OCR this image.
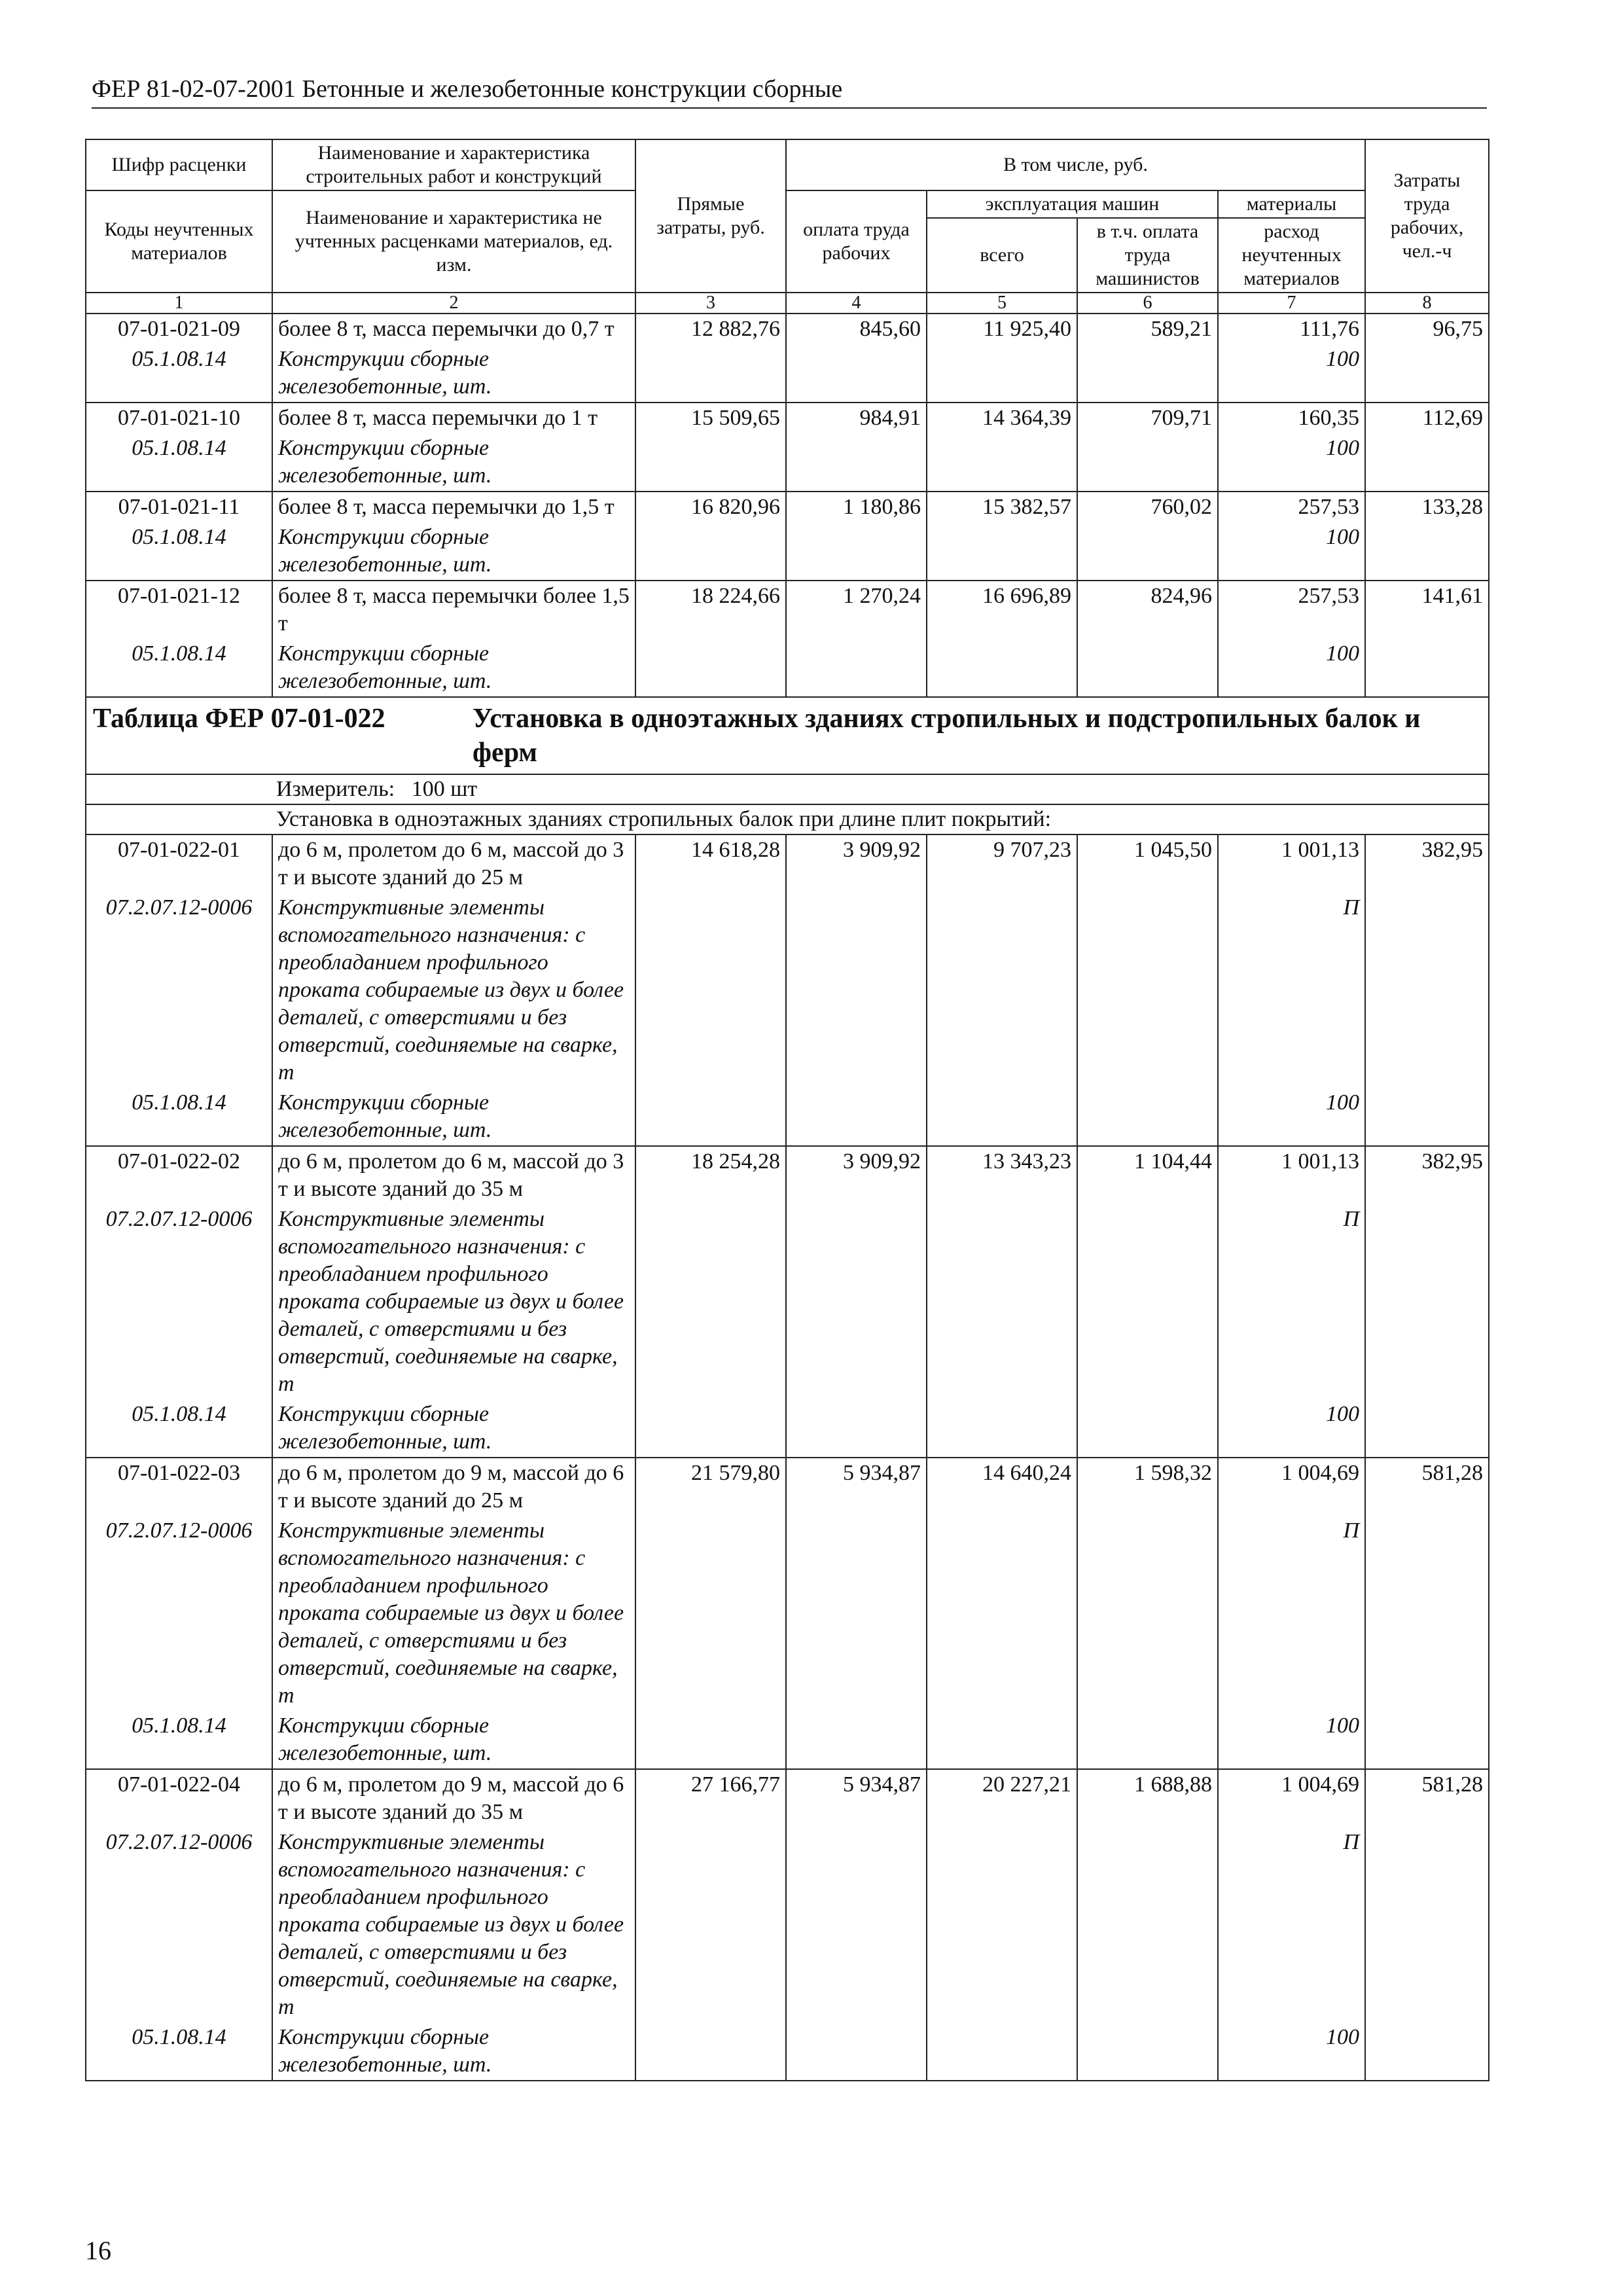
ФЕР 81-02-07-2001 Бетонные и железобетонные конструкции сборные
Шифр расценки	Наименование и характеристика строительных работ и конструкций	Прямые затраты, руб.	В том числе, руб.				Затраты труда рабочих, чел.-ч
Коды неучтенных материалов	Наименование и характеристика не учтенных расценками материалов, ед. изм.		оплата труда рабочих	эксплуатация машин		материалы	
				всего	в т.ч. оплата труда машинистов	расход неучтенных материалов	
1	2	3	4	5	6	7	8
07-01-021-09	более 8 т, масса перемычки до 0,7 т	12 882,76	845,60	11 925,40	589,21	111,76	96,75
05.1.08.14	Конструкции сборные железобетонные, шт.					100	
07-01-021-10	более 8 т, масса перемычки до 1 т	15 509,65	984,91	14 364,39	709,71	160,35	112,69
05.1.08.14	Конструкции сборные железобетонные, шт.					100	
07-01-021-11	более 8 т, масса перемычки до 1,5 т	16 820,96	1 180,86	15 382,57	760,02	257,53	133,28
05.1.08.14	Конструкции сборные железобетонные, шт.					100	
07-01-021-12	более 8 т, масса перемычки более 1,5 т	18 224,66	1 270,24	16 696,89	824,96	257,53	141,61
05.1.08.14	Конструкции сборные железобетонные, шт.					100	
Таблица ФЕР 07-01-022 Установка в одноэтажных зданиях стропильных и подстропильных балок и ферм							
Измеритель: 100 шт							
Установка в одноэтажных зданиях стропильных балок при длине плит покрытий:							
07-01-022-01	до 6 м, пролетом до 6 м, массой до 3 т и высоте зданий до 25 м	14 618,28	3 909,92	9 707,23	1 045,50	1 001,13	382,95
07.2.07.12-0006	Конструктивные элементы вспомогательного назначения: с преобладанием профильного проката собираемые из двух и более деталей, с отверстиями и без отверстий, соединяемые на сварке, т					П	
05.1.08.14	Конструкции сборные железобетонные, шт.					100	
07-01-022-02	до 6 м, пролетом до 6 м, массой до 3 т и высоте зданий до 35 м	18 254,28	3 909,92	13 343,23	1 104,44	1 001,13	382,95
07.2.07.12-0006	Конструктивные элементы вспомогательного назначения: с преобладанием профильного проката собираемые из двух и более деталей, с отверстиями и без отверстий, соединяемые на сварке, т					П	
05.1.08.14	Конструкции сборные железобетонные, шт.					100	
07-01-022-03	до 6 м, пролетом до 9 м, массой до 6 т и высоте зданий до 25 м	21 579,80	5 934,87	14 640,24	1 598,32	1 004,69	581,28
07.2.07.12-0006	Конструктивные элементы вспомогательного назначения: с преобладанием профильного проката собираемые из двух и более деталей, с отверстиями и без отверстий, соединяемые на сварке, т					П	
05.1.08.14	Конструкции сборные железобетонные, шт.					100	
07-01-022-04	до 6 м, пролетом до 9 м, массой до 6 т и высоте зданий до 35 м	27 166,77	5 934,87	20 227,21	1 688,88	1 004,69	581,28
07.2.07.12-0006	Конструктивные элементы вспомогательного назначения: с преобладанием профильного проката собираемые из двух и более деталей, с отверстиями и без отверстий, соединяемые на сварке, т					П	
05.1.08.14	Конструкции сборные железобетонные, шт.					100	
16
